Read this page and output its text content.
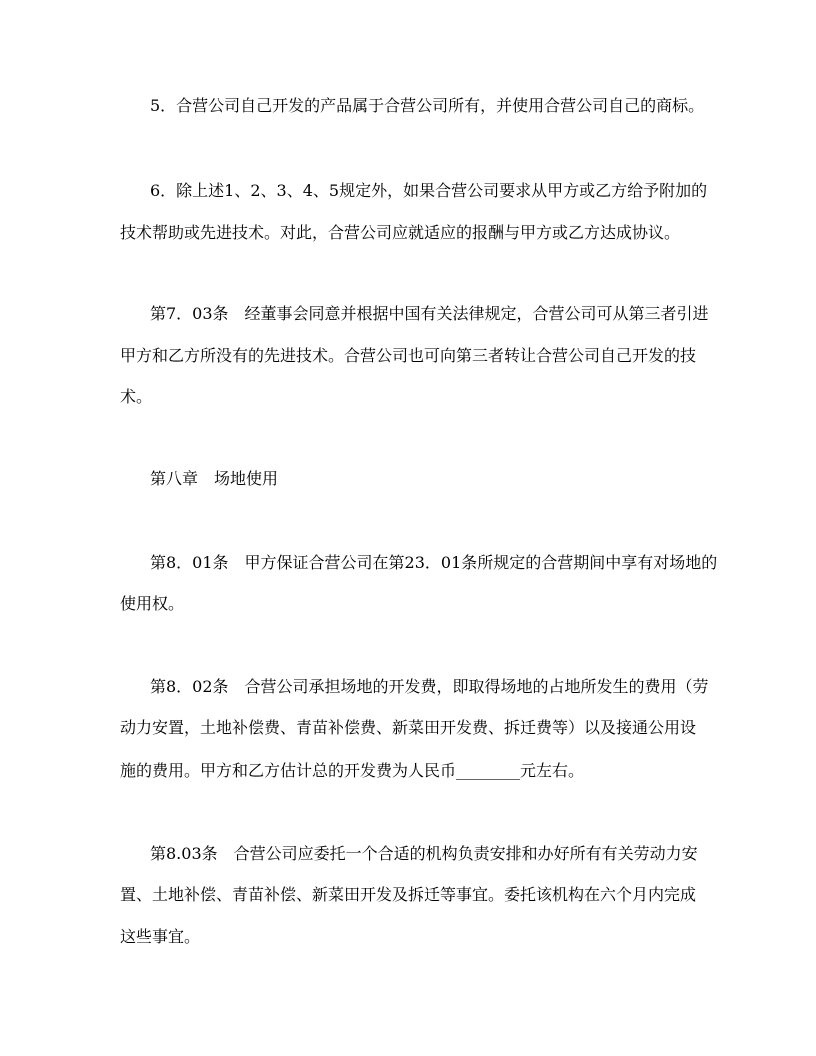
5．合营公司自己开发的产品属于合营公司所有，并使用合营公司自己的商标。
6．除上述1、2、3、4、5规定外，如果合营公司要求从甲方或乙方给予附加的
技术帮助或先进技术。对此，合营公司应就适应的报酬与甲方或乙方达成协议。
第7．03条　经董事会同意并根据中国有关法律规定，合营公司可从第三者引进
甲方和乙方所没有的先进技术。合营公司也可向第三者转让合营公司自己开发的技
术。
第八章　场地使用
第8．01条　甲方保证合营公司在第23．01条所规定的合营期间中享有对场地的
使用权。
第8．02条　合营公司承担场地的开发费，即取得场地的占地所发生的费用（劳
动力安置，土地补偿费、青苗补偿费、新菜田开发费、拆迁费等）以及接通公用设
施的费用。甲方和乙方估计总的开发费为人民币________元左右。
第8.03条　合营公司应委托一个合适的机构负责安排和办好所有有关劳动力安
置、土地补偿、青苗补偿、新菜田开发及拆迁等事宜。委托该机构在六个月内完成
这些事宜。
